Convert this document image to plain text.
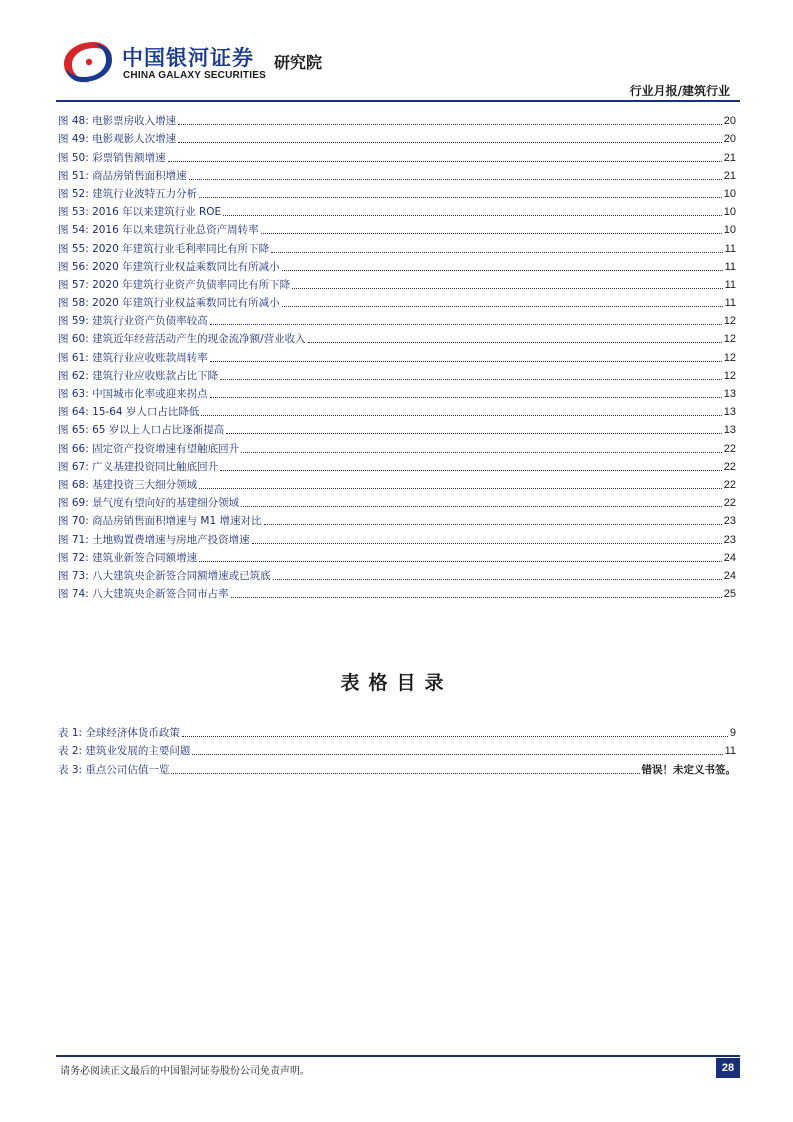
中国银河证券
CHINA GALAXY SECURITIES
研究院
行业月报/建筑行业
图 48: 电影票房收入增速	20
图 49: 电影观影人次增速	20
图 50: 彩票销售额增速	21
图 51: 商品房销售面积增速	21
图 52: 建筑行业波特五力分析	10
图 53: 2016 年以来建筑行业 ROE	10
图 54: 2016 年以来建筑行业总资产周转率	10
图 55: 2020 年建筑行业毛利率同比有所下降	11
图 56: 2020 年建筑行业权益乘数同比有所减小	11
图 57: 2020 年建筑行业资产负债率同比有所下降	11
图 58: 2020 年建筑行业权益乘数同比有所减小	11
图 59: 建筑行业资产负债率较高	12
图 60: 建筑近年经营活动产生的现金流净额/营业收入	12
图 61: 建筑行业应收账款周转率	12
图 62: 建筑行业应收账款占比下降	12
图 63: 中国城市化率或迎来拐点	13
图 64: 15-64 岁人口占比降低	13
图 65: 65 岁以上人口占比逐渐提高	13
图 66: 固定资产投资增速有望触底回升	22
图 67: 广义基建投资同比触底回升	22
图 68: 基建投资三大细分领域	22
图 69: 景气度有望向好的基建细分领域	22
图 70: 商品房销售面积增速与 M1 增速对比	23
图 71: 土地购置费增速与房地产投资增速	23
图 72: 建筑业新签合同额增速	24
图 73: 八大建筑央企新签合同额增速或已筑底	24
图 74: 八大建筑央企新签合同市占率	25
表格目录
表 1: 全球经济体货币政策	9
表 2: 建筑业发展的主要问题	11
表 3: 重点公司估值一览	错误！未定义书签。
请务必阅读正文最后的中国银河证券股份公司免责声明。	28
